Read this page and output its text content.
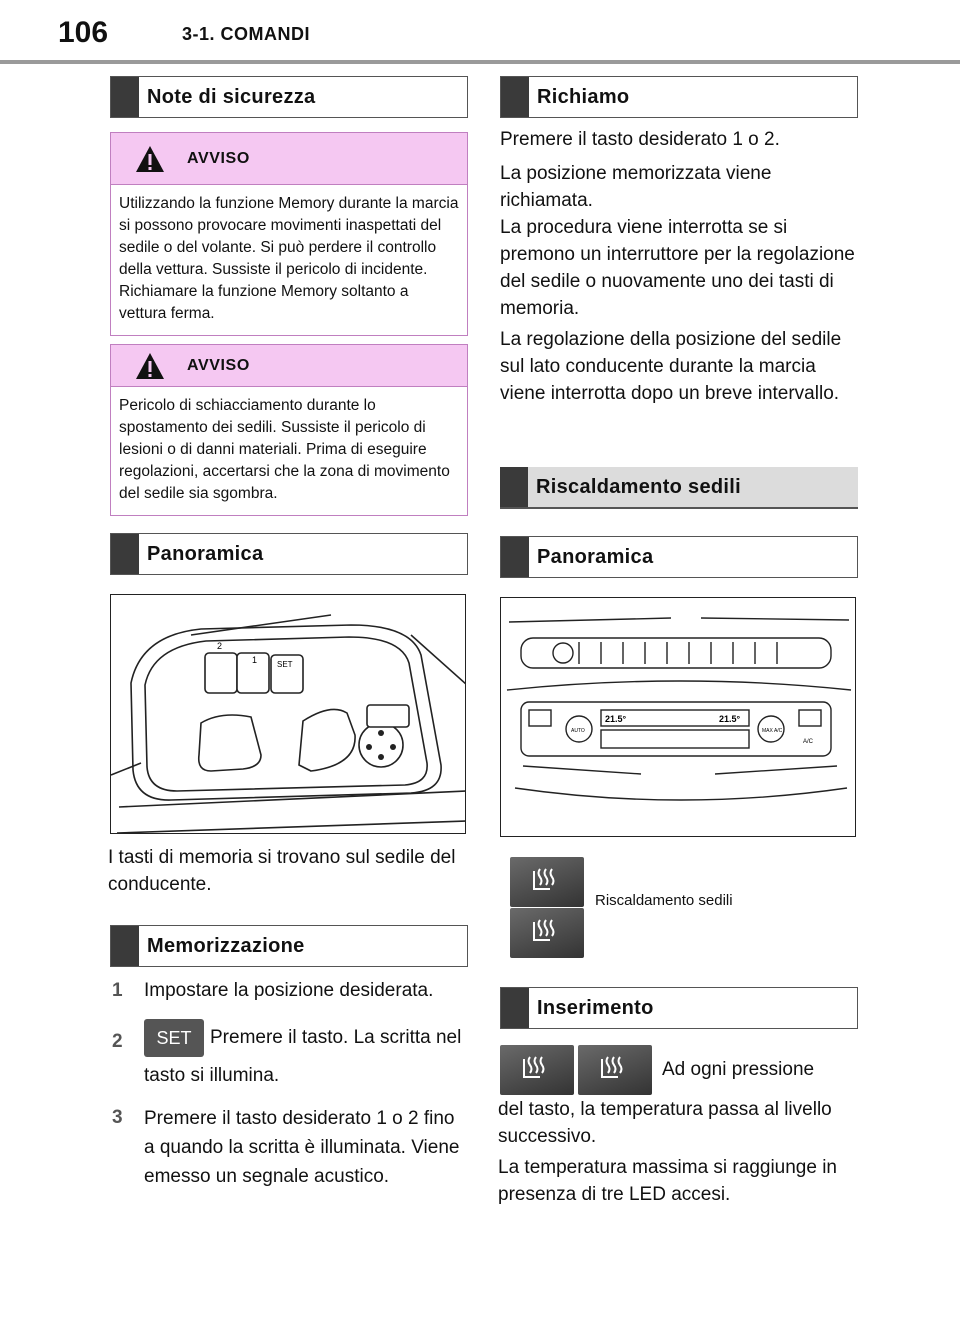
106	3-1. COMANDI
Note di sicurezza
AVVISO
Utilizzando la funzione Memory durante la marcia si possono provocare movimenti inaspettati del sedile o del volante. Si può perdere il controllo della vettura. Sussiste il pericolo di incidente. Richiamare la funzione Memory soltanto a vettura ferma.
AVVISO
Pericolo di schiacciamento durante lo spostamento dei sedili. Sussiste il pericolo di lesioni o di danni materiali. Prima di eseguire regolazioni, accertarsi che la zona di movimento del sedile sia sgombra.
Panoramica
2
1 SET
I tasti di memoria si trovano sul sedile del conducente.
Memorizzazione
1 Impostare la posizione desiderata.
2	SET Premere il tasto. La scritta nel tasto si illumina.
3 Premere il tasto desiderato 1 o 2 fino a quando la scritta è illuminata. Viene emesso un segnale acustico.
Richiamo
Premere il tasto desiderato 1 o 2.
La posizione memorizzata viene richiamata.
La procedura viene interrotta se si premono un interruttore per la regolazione del sedile o nuovamente uno dei tasti di memoria.
La regolazione della posizione del sedile sul lato conducente durante la marcia viene interrotta dopo un breve intervallo.
Riscaldamento sedili
Panoramica
21.5°	21.5°
AUTO	MAX A/C
A/C
Riscaldamento sedili
Inserimento
Ad ogni pressione
del tasto, la temperatura passa al livello successivo.
La temperatura massima si raggiunge in presenza di tre LED accesi.
